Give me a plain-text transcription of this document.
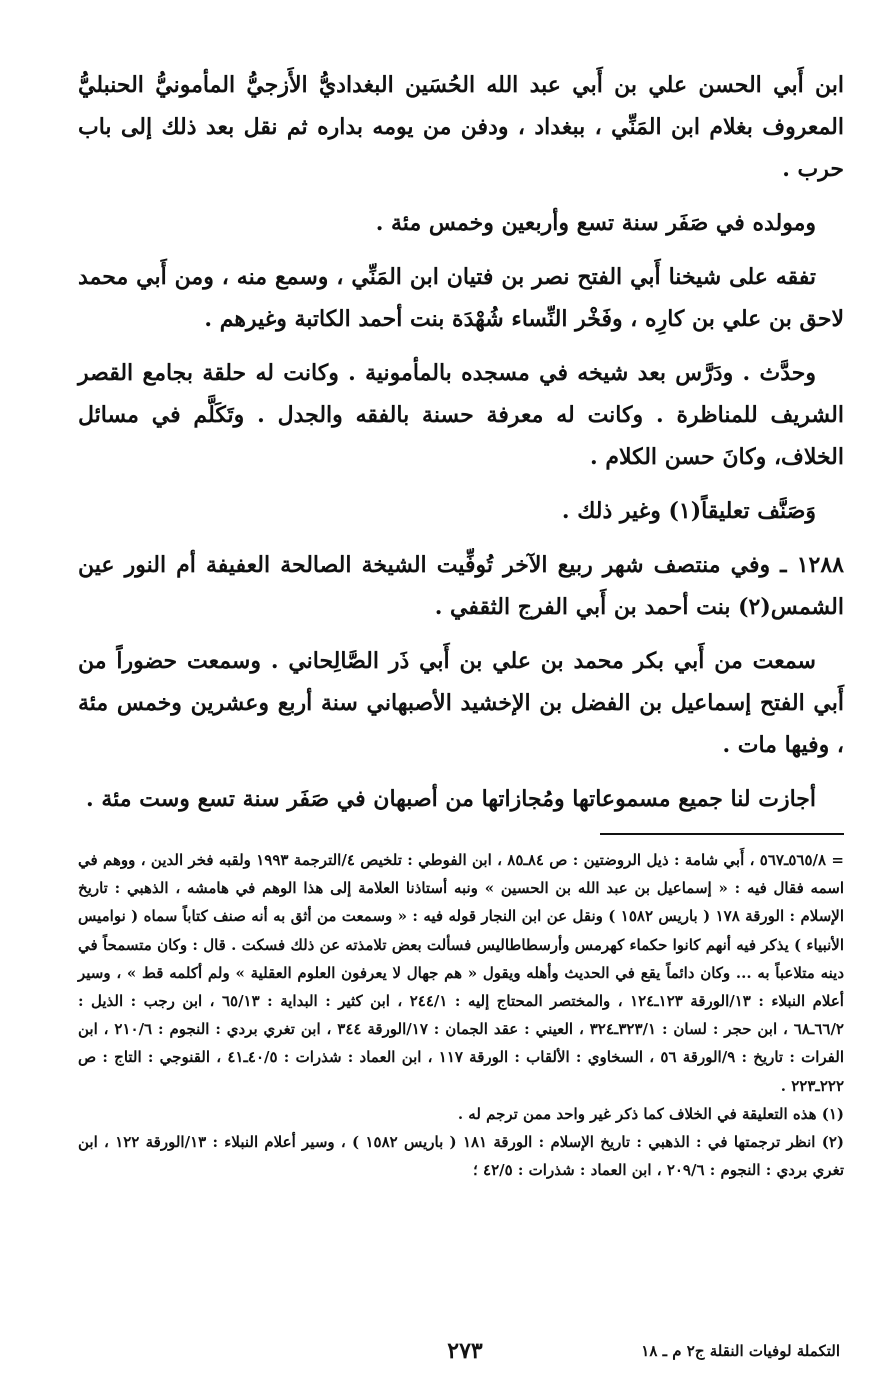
ابن أَبي الحسن علي بن أَبي عبد الله الحُسَين البغداديُّ الأَزجيُّ المأمونيُّ الحنبليُّ المعروف بغلام ابن المَنِّي ، ببغداد ، ودفن من يومه بداره ثم نقل بعد ذلك إلى باب حرب .

ومولده في صَفَر سنة تسع وأربعين وخمس مئة .

تفقه على شيخنا أَبي الفتح نصر بن فتيان ابن المَنِّي ، وسمع منه ، ومن أَبي محمد لاحق بن علي بن كارِه ، وفَخْر النِّساء شُهْدَة بنت أحمد الكاتبة وغيرهم .

وحدَّث . ودَرَّس بعد شيخه في مسجده بالمأمونية . وكانت له حلقة بجامع القصر الشريف للمناظرة . وكانت له معرفة حسنة بالفقه والجدل . وتَكَلَّم في مسائل الخلاف، وكانَ حسن الكلام .

وَصَنَّف تعليقاً(١) وغير ذلك .

١٢٨٨ ـ وفي منتصف شهر ربيع الآخر تُوفِّيت الشيخة الصالحة العفيفة أم النور عين الشمس(٢) بنت أحمد بن أَبي الفرج الثقفي .

سمعت من أَبي بكر محمد بن علي بن أَبي ذَر الصَّالِحاني . وسمعت حضوراً من أَبي الفتح إسماعيل بن الفضل بن الإخشيد الأصبهاني سنة أربع وعشرين وخمس مئة ، وفيها مات .

أجازت لنا جميع مسموعاتها ومُجازاتها من أصبهان في صَفَر سنة تسع وست مئة .

= ٥٦٥/٨ـ٥٦٧ ، أَبي شامة : ذيل الروضتين : ص ٨٤ـ٨٥ ، ابن الفوطي : تلخيص ٤/الترجمة ١٩٩٣ ولقبه فخر الدين ، ووهم في اسمه فقال فيه : « إسماعيل بن عبد الله بن الحسين » ونبه أستاذنا العلامة إلى هذا الوهم في هامشه ، الذهبي : تاريخ الإسلام : الورقة ١٧٨ ( باريس ١٥٨٢ ) ونقل عن ابن النجار قوله فيه : « وسمعت من أثق به أنه صنف كتاباً سماه ( نواميس الأنبياء ) يذكر فيه أنهم كانوا حكماء كهرمس وأرسطاطاليس فسألت بعض تلامذته عن ذلك فسكت . قال : وكان متسمحاً في دينه متلاعباً به ... وكان دائماً يقع في الحديث وأهله ويقول « هم جهال لا يعرفون العلوم العقلية » ولم أكلمه قط » ، وسير أعلام النبلاء : ١٣/الورقة ١٢٣ـ١٢٤ ، والمختصر المحتاج إليه : ٢٤٤/١ ، ابن كثير : البداية : ٦٥/١٣ ، ابن رجب : الذيل : ٦٦/٢ـ٦٨ ، ابن حجر : لسان : ٣٢٣/١ـ٣٢٤ ، العيني : عقد الجمان : ١٧/الورقة ٣٤٤ ، ابن تغري بردي : النجوم : ٢١٠/٦ ، ابن الفرات : تاريخ : ٩/الورقة ٥٦ ، السخاوي : الألقاب : الورقة ١١٧ ، ابن العماد : شذرات : ٤٠/٥ـ٤١ ، القنوجي : التاج : ص ٢٢٢ـ٢٢٣ .

(١) هذه التعليقة في الخلاف كما ذكر غير واحد ممن ترجم له .

(٢) انظر ترجمتها في : الذهبي : تاريخ الإسلام : الورقة ١٨١ ( باريس ١٥٨٢ ) ، وسير أعلام النبلاء : ١٣/الورقة ١٢٢ ، ابن تغري بردي : النجوم : ٢٠٩/٦ ، ابن العماد : شذرات : ٤٢/٥ ؛

التكملة لوفيات النقلة ج٢ م ـ ١٨
٢٧٣
